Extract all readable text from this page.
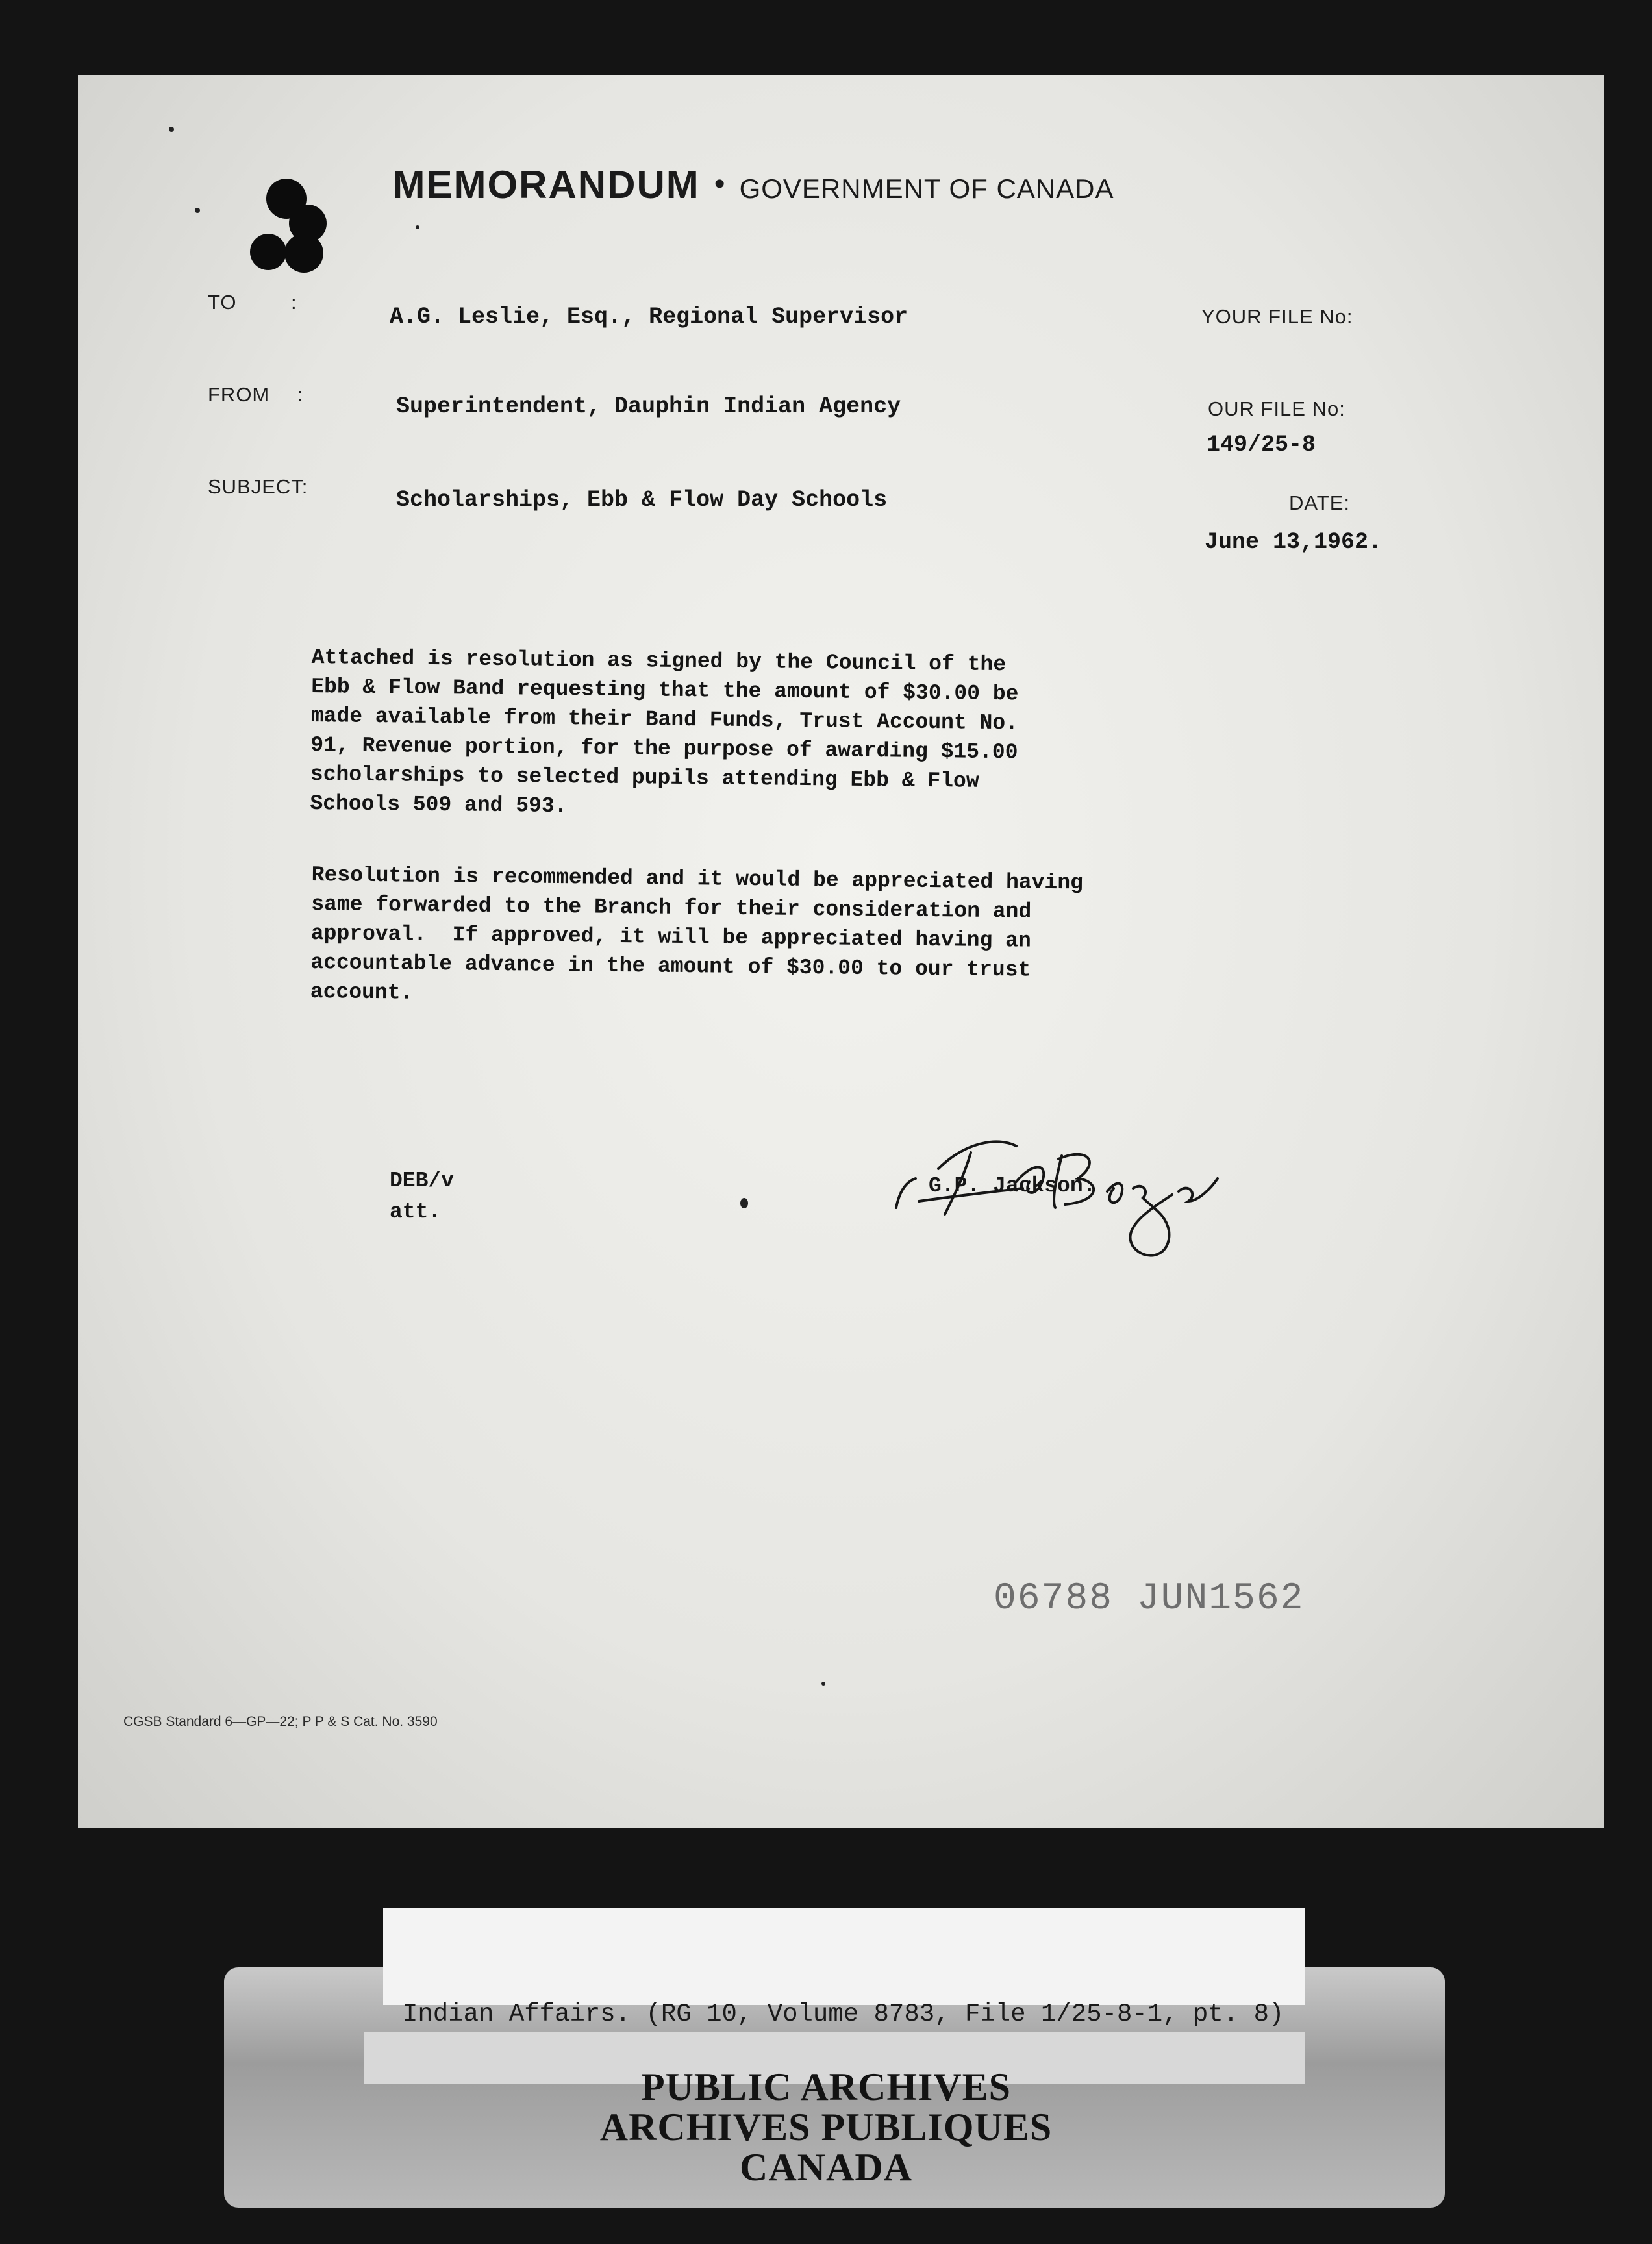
MEMORANDUM • GOVERNMENT OF CANADA
TO	:
A.G. Leslie, Esq., Regional Supervisor
FROM :	Superintendent, Dauphin Indian Agency
SUBJECT:
Scholarships, Ebb & Flow Day Schools
YOUR FILE No:
OUR FILE No:
149/25-8
DATE:
June 13,1962.
Attached is resolution as signed by the Council of the
Ebb & Flow Band requesting that the amount of $30.00 be
made available from their Band Funds, Trust Account No.
91, Revenue portion, for the purpose of awarding $15.00
scholarships to selected pupils attending Ebb & Flow
Schools 509 and 593.
Resolution is recommended and it would be appreciated having
same forwarded to the Branch for their consideration and
approval.  If approved, it will be appreciated having an
accountable advance in the amount of $30.00 to our trust
account.
DEB/v
att.
G.P. Jackson.
06788 JUN1562
CGSB Standard 6—GP—22; P P & S Cat. No. 3590
Indian Affairs. (RG 10, Volume 8783, File 1/25-8-1, pt. 8)
PUBLIC ARCHIVES
ARCHIVES PUBLIQUES
CANADA
